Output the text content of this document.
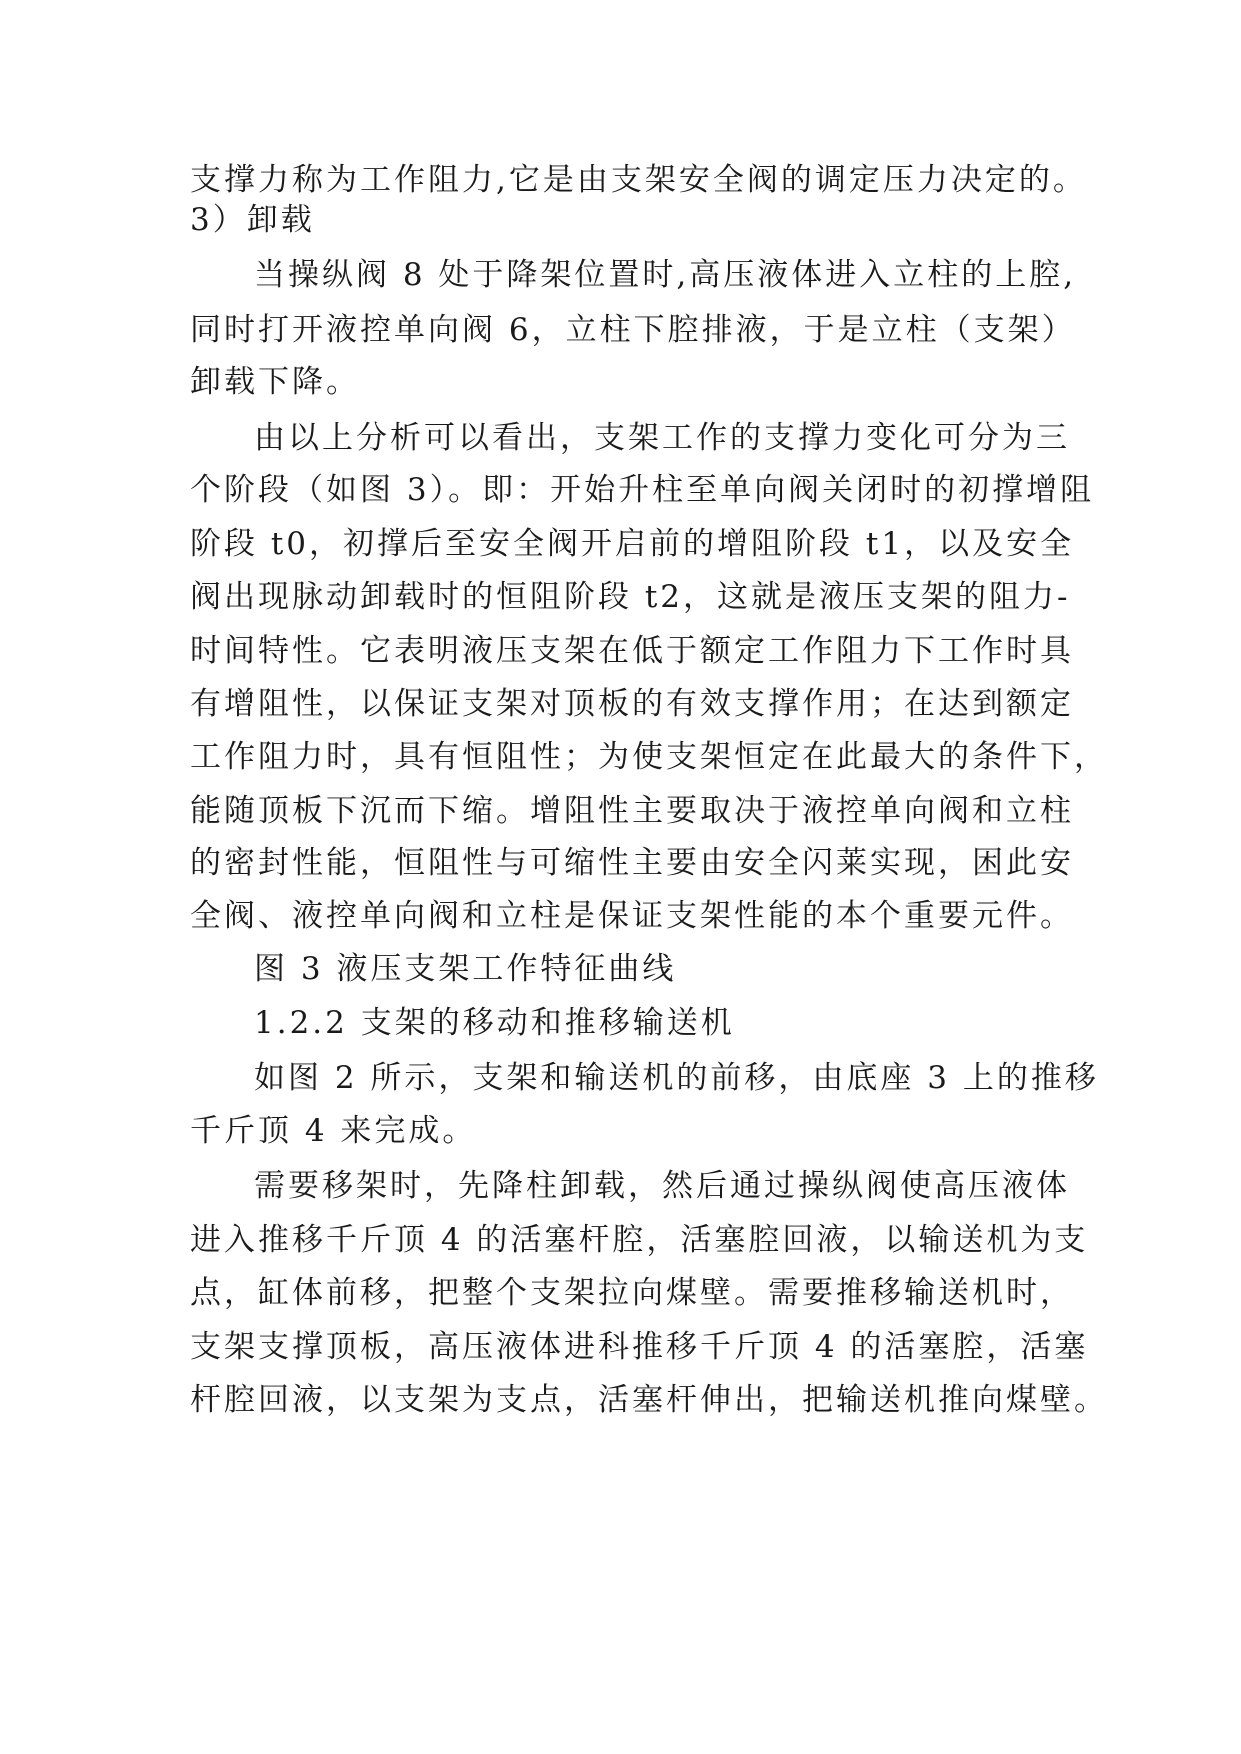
支撑力称为工作阻力,它是由支架安全阀的调定压力决定的。
3）卸载
当操纵阀 8 处于降架位置时,高压液体进入立柱的上腔,
同时打开液控单向阀 6，立柱下腔排液，于是立柱（支架）
卸载下降。
由以上分析可以看出，支架工作的支撑力变化可分为三
个阶段（如图 3）。即：开始升柱至单向阀关闭时的初撑增阻
阶段 t0，初撑后至安全阀开启前的增阻阶段 t1，以及安全
阀出现脉动卸载时的恒阻阶段 t2，这就是液压支架的阻力-
时间特性。它表明液压支架在低于额定工作阻力下工作时具
有增阻性，以保证支架对顶板的有效支撑作用；在达到额定
工作阻力时，具有恒阻性；为使支架恒定在此最大的条件下，
能随顶板下沉而下缩。增阻性主要取决于液控单向阀和立柱
的密封性能，恒阻性与可缩性主要由安全闪莱实现，困此安
全阀、液控单向阀和立柱是保证支架性能的本个重要元件。
图 3 液压支架工作特征曲线
1.2.2 支架的移动和推移输送机
如图 2 所示，支架和输送机的前移，由底座 3 上的推移
千斤顶 4 来完成。
需要移架时，先降柱卸载，然后通过操纵阀使高压液体
进入推移千斤顶 4 的活塞杆腔，活塞腔回液，以输送机为支
点，缸体前移，把整个支架拉向煤壁。需要推移输送机时，
支架支撑顶板，高压液体进科推移千斤顶 4 的活塞腔，活塞
杆腔回液，以支架为支点，活塞杆伸出，把输送机推向煤壁。
